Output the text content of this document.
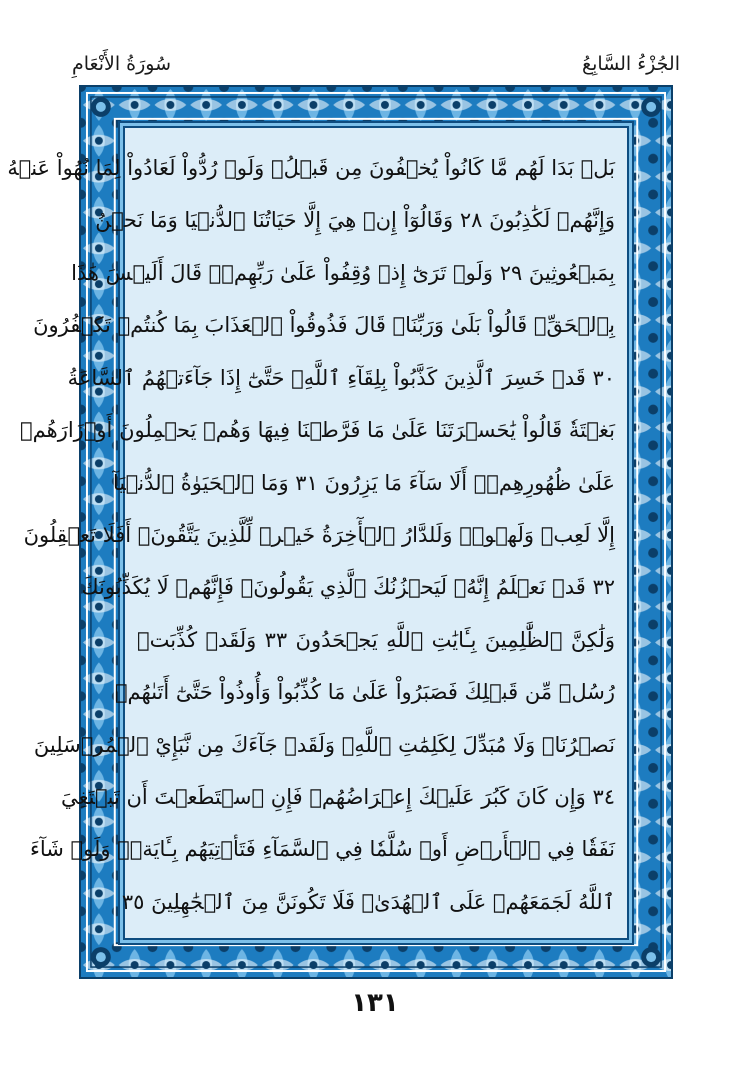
الجُزْءُ السَّابِعُ
سُورَةُ الأَنْعَامِ
بَلۡ بَدَا لَهُم مَّا كَانُواْ يُخۡفُونَ مِن قَبۡلُۖ وَلَوۡ رُدُّواْ لَعَادُواْ لِمَا نُهُواْ عَنۡهُ
وَإِنَّهُمۡ لَكَٰذِبُونَ ٢٨ وَقَالُوٓاْ إِنۡ هِيَ إِلَّا حَيَاتُنَا ٱلدُّنۡيَا وَمَا نَحۡنُ
بِمَبۡعُوثِينَ ٢٩ وَلَوۡ تَرَىٰٓ إِذۡ وُقِفُواْ عَلَىٰ رَبِّهِمۡۚ قَالَ أَلَيۡسَ هَٰذَا
بِٱلۡحَقِّۚ قَالُواْ بَلَىٰ وَرَبِّنَاۚ قَالَ فَذُوقُواْ ٱلۡعَذَابَ بِمَا كُنتُمۡ تَكۡفُرُونَ
٣٠ قَدۡ خَسِرَ ٱلَّذِينَ كَذَّبُواْ بِلِقَآءِ ٱللَّهِۖ حَتَّىٰٓ إِذَا جَآءَتۡهُمُ ٱلسَّاعَةُ
بَغۡتَةٗ قَالُواْ يَٰحَسۡرَتَنَا عَلَىٰ مَا فَرَّطۡنَا فِيهَا وَهُمۡ يَحۡمِلُونَ أَوۡزَارَهُمۡ
عَلَىٰ ظُهُورِهِمۡۚ أَلَا سَآءَ مَا يَزِرُونَ ٣١ وَمَا ٱلۡحَيَوٰةُ ٱلدُّنۡيَآ
إِلَّا لَعِبٞ وَلَهۡوٞۖ وَلَلدَّارُ ٱلۡأٓخِرَةُ خَيۡرٞ لِّلَّذِينَ يَتَّقُونَۚ أَفَلَا تَعۡقِلُونَ
٣٢ قَدۡ نَعۡلَمُ إِنَّهُۥ لَيَحۡزُنُكَ ٱلَّذِي يَقُولُونَۖ فَإِنَّهُمۡ لَا يُكَذِّبُونَكَ
وَلَٰكِنَّ ٱلظَّٰلِمِينَ بِـَٔايَٰتِ ٱللَّهِ يَجۡحَدُونَ ٣٣ وَلَقَدۡ كُذِّبَتۡ
رُسُلٞ مِّن قَبۡلِكَ فَصَبَرُواْ عَلَىٰ مَا كُذِّبُواْ وَأُوذُواْ حَتَّىٰٓ أَتَىٰهُمۡ
نَصۡرُنَاۚ وَلَا مُبَدِّلَ لِكَلِمَٰتِ ٱللَّهِۚ وَلَقَدۡ جَآءَكَ مِن نَّبَإِيْ ٱلۡمُرۡسَلِينَ
٣٤ وَإِن كَانَ كَبُرَ عَلَيۡكَ إِعۡرَاضُهُمۡ فَإِنِ ٱسۡتَطَعۡتَ أَن تَبۡتَغِيَ
نَفَقٗا فِي ٱلۡأَرۡضِ أَوۡ سُلَّمٗا فِي ٱلسَّمَآءِ فَتَأۡتِيَهُم بِـَٔايَةٖۚ وَلَوۡ شَآءَ
ٱللَّهُ لَجَمَعَهُمۡ عَلَى ٱلۡهُدَىٰۚ فَلَا تَكُونَنَّ مِنَ ٱلۡجَٰهِلِينَ ٣٥
١٣١
